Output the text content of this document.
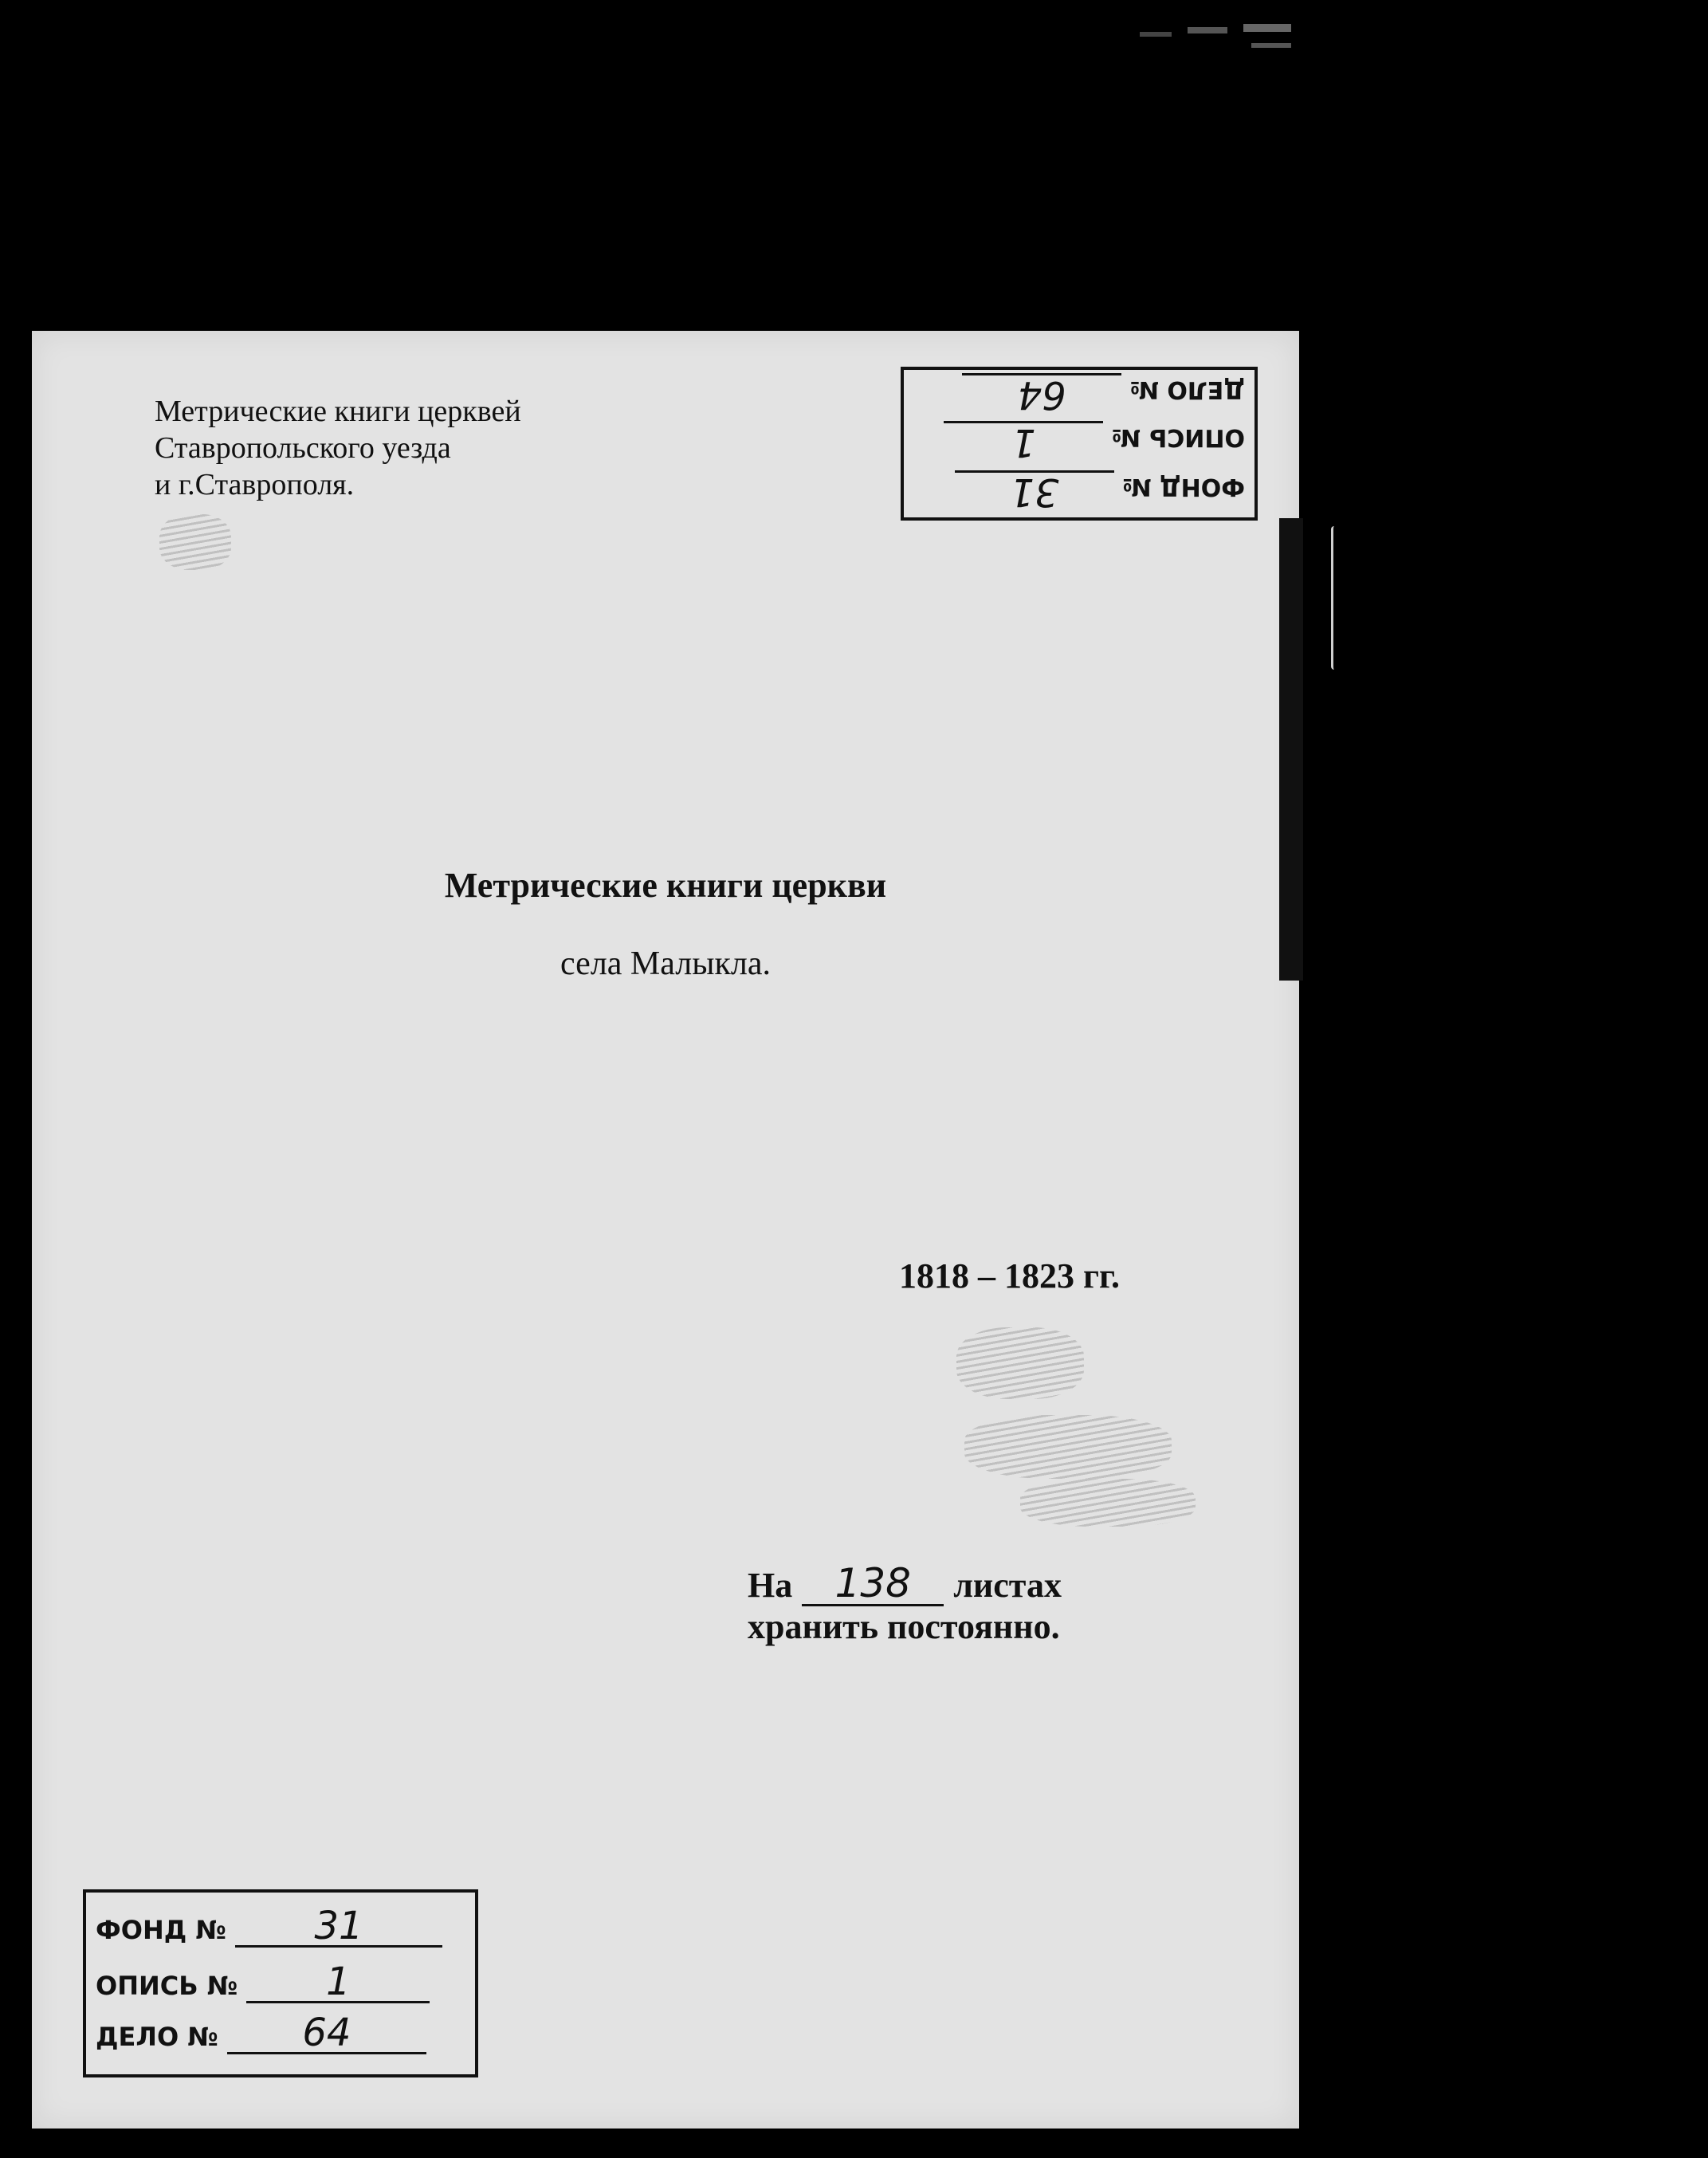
ФОНД № 31
ОПИСЬ № 1
ДЕЛО № 64
Метрические книги церквей
Ставропольского уезда
и г.Ставрополя.
Метрические книги церкви
села Малыкла.
1818 – 1823 гг.
На 138 листах
хранить постоянно.
ФОНД № 31
ОПИСЬ № 1
ДЕЛО № 64
